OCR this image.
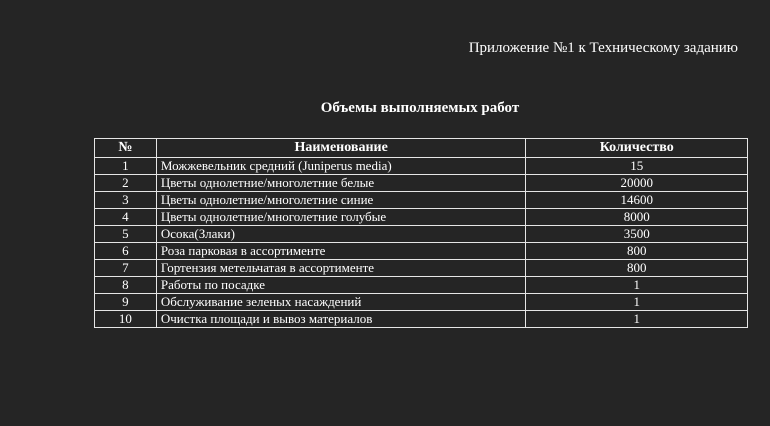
Приложение №1 к Техническому заданию
Объемы выполняемых работ
№	Наименование	Количество
1	Можжевельник средний (Juniperus media)	15
2	Цветы однолетние/многолетние белые	20000
3	Цветы однолетние/многолетние синие	14600
4	Цветы однолетние/многолетние голубые	8000
5	Осока(Злаки)	3500
6	Роза парковая в ассортименте	800
7	Гортензия метельчатая в ассортименте	800
8	Работы по посадке	1
9	Обслуживание зеленых насаждений	1
10	Очистка площади и вывоз материалов	1
